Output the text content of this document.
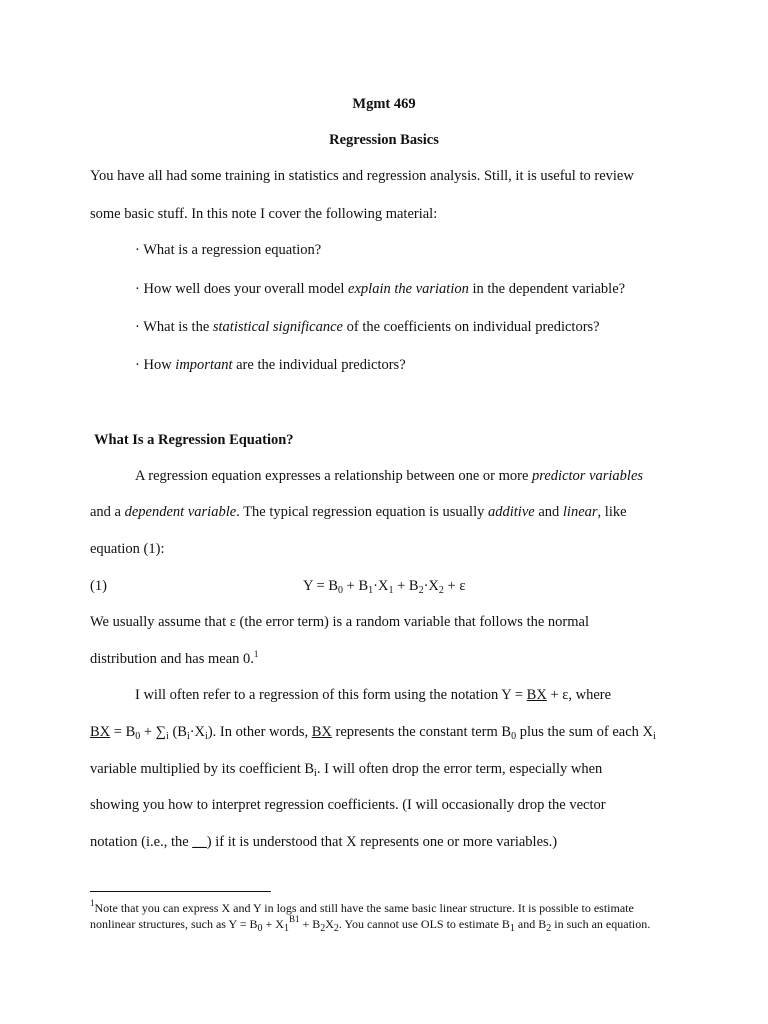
Mgmt 469
Regression Basics
You have all had some training in statistics and regression analysis. Still, it is useful to review
some basic stuff. In this note I cover the following material:
· What is a regression equation?
· How well does your overall model explain the variation in the dependent variable?
· What is the statistical significance of the coefficients on individual predictors?
· How important are the individual predictors?
What Is a Regression Equation?
A regression equation expresses a relationship between one or more predictor variables
and a dependent variable. The typical regression equation is usually additive and linear, like
equation (1):
(1)	$Y = B_0 + B_1\cdot X_1 + B_2\cdot X_2 + \varepsilon$
We usually assume that ε (the error term) is a random variable that follows the normal
distribution and has mean 0.$^1$
I will often refer to a regression of this form using the notation Y = BX + ε, where
BX = $B_0 + \sum_i$ $(B_i\cdot X_i)$. In other words, BX represents the constant term $B_0$ plus the sum of each $X_i$
variable multiplied by its coefficient $B_i$. I will often drop the error term, especially when
showing you how to interpret regression coefficients. (I will occasionally drop the vector
notation (i.e., the __) if it is understood that X represents one or more variables.)
$^1$Note that you can express X and Y in logs and still have the same basic linear structure. It is possible to estimate
nonlinear structures, such as $Y = B_0 + X_1^{B1} + B_2X_2$. You cannot use OLS to estimate $B_1$ and $B_2$ in such an equation.
